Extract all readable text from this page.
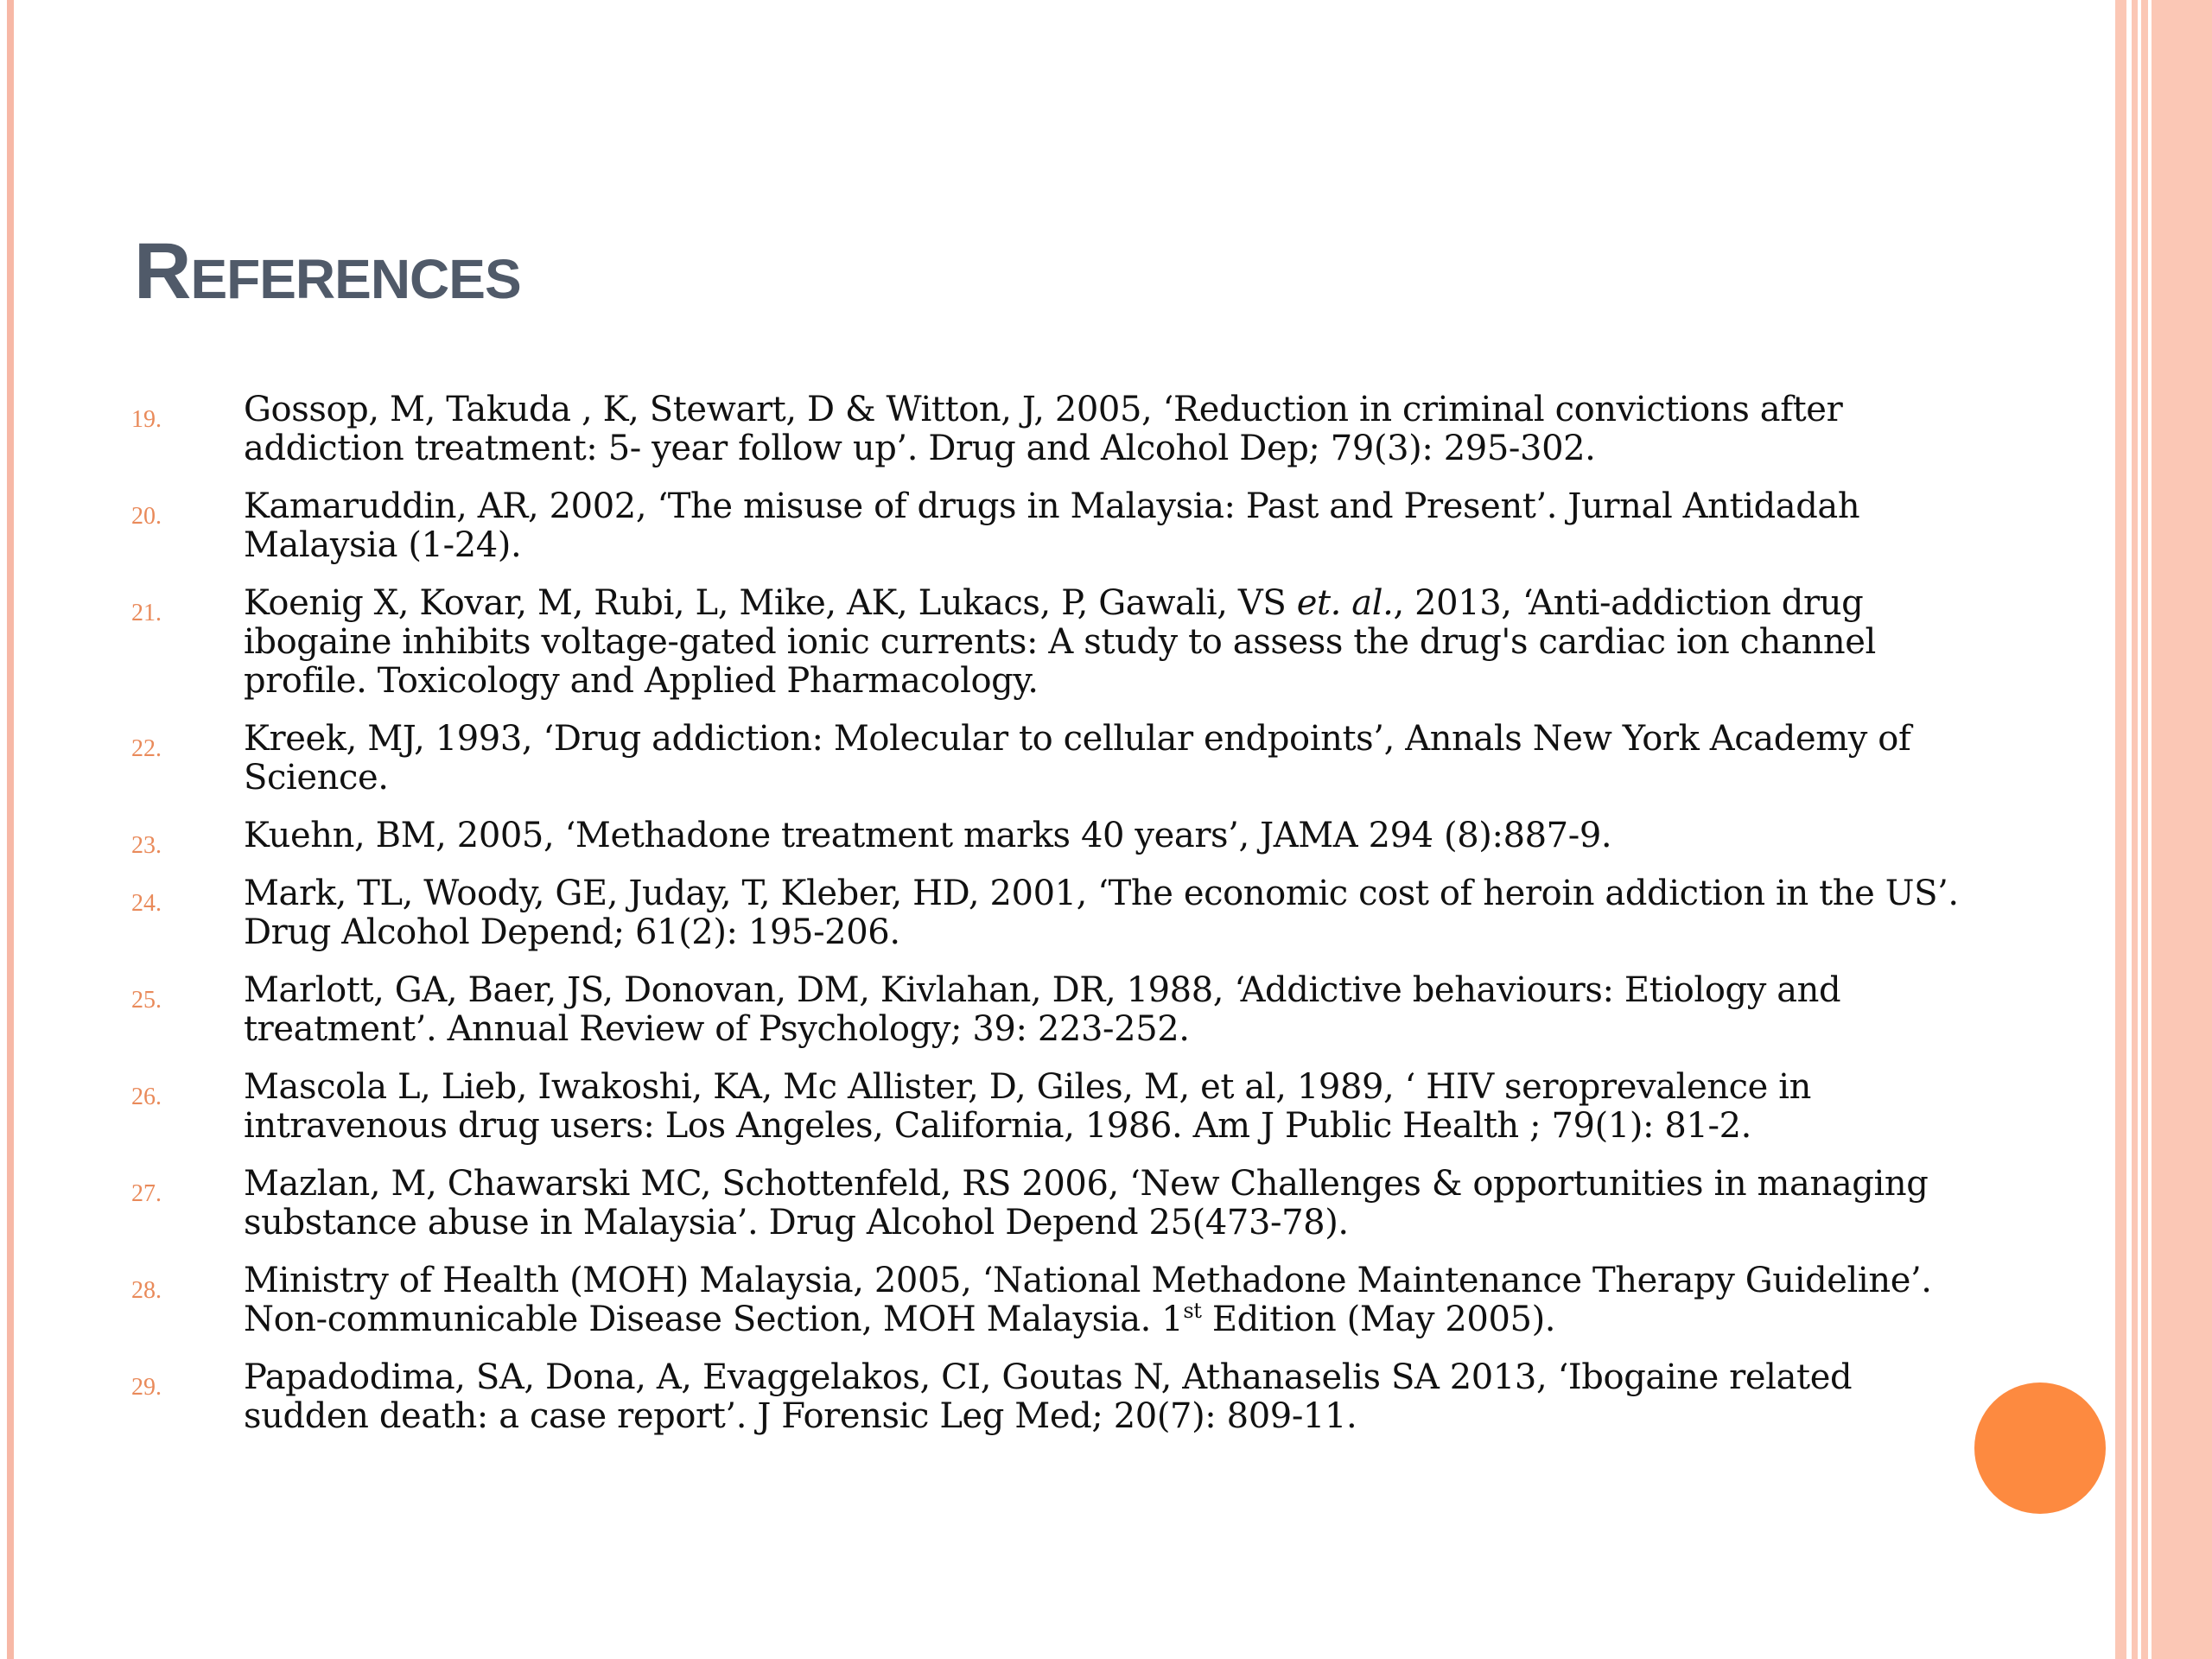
References
19.	Gossop, M, Takuda , K, Stewart, D & Witton, J, 2005, ‘Reduction in criminal convictions after addiction treatment: 5- year follow up’. Drug and Alcohol Dep; 79(3): 295-302.
20.	Kamaruddin, AR, 2002, ‘The misuse of drugs in Malaysia: Past and Present’. Jurnal Antidadah Malaysia (1-24).
21.	Koenig X, Kovar, M, Rubi, L, Mike, AK, Lukacs, P, Gawali, VS et. al., 2013, ‘Anti-addiction drug ibogaine inhibits voltage-gated ionic currents: A study to assess the drug's cardiac ion channel profile. Toxicology and Applied Pharmacology.
22.	Kreek, MJ, 1993, ‘Drug addiction: Molecular to cellular endpoints’, Annals New York Academy of Science.
23.	Kuehn, BM, 2005, ‘Methadone treatment marks 40 years’, JAMA 294 (8):887-9.
24.	Mark, TL, Woody, GE, Juday, T, Kleber, HD, 2001, ‘The economic cost of heroin addiction in the US’. Drug Alcohol Depend; 61(2): 195-206.
25.	Marlott, GA, Baer, JS, Donovan, DM, Kivlahan, DR, 1988, ‘Addictive behaviours: Etiology and treatment’. Annual Review of Psychology; 39: 223-252.
26.	Mascola L, Lieb, Iwakoshi, KA, Mc Allister, D, Giles, M, et al, 1989, ‘ HIV seroprevalence in intravenous drug users: Los Angeles, California, 1986. Am J Public Health ; 79(1): 81-2.
27.	Mazlan, M, Chawarski MC, Schottenfeld, RS 2006, ‘New Challenges & opportunities in managing substance abuse in Malaysia’. Drug Alcohol Depend 25(473-78).
28.	Ministry of Health (MOH) Malaysia, 2005, ‘National Methadone Maintenance Therapy Guideline’. Non-communicable Disease Section, MOH Malaysia. 1st Edition (May 2005).
29.	Papadodima, SA, Dona, A, Evaggelakos, CI, Goutas N, Athanaselis SA 2013, ‘Ibogaine related sudden death: a case report’. J Forensic Leg Med; 20(7): 809-11.
